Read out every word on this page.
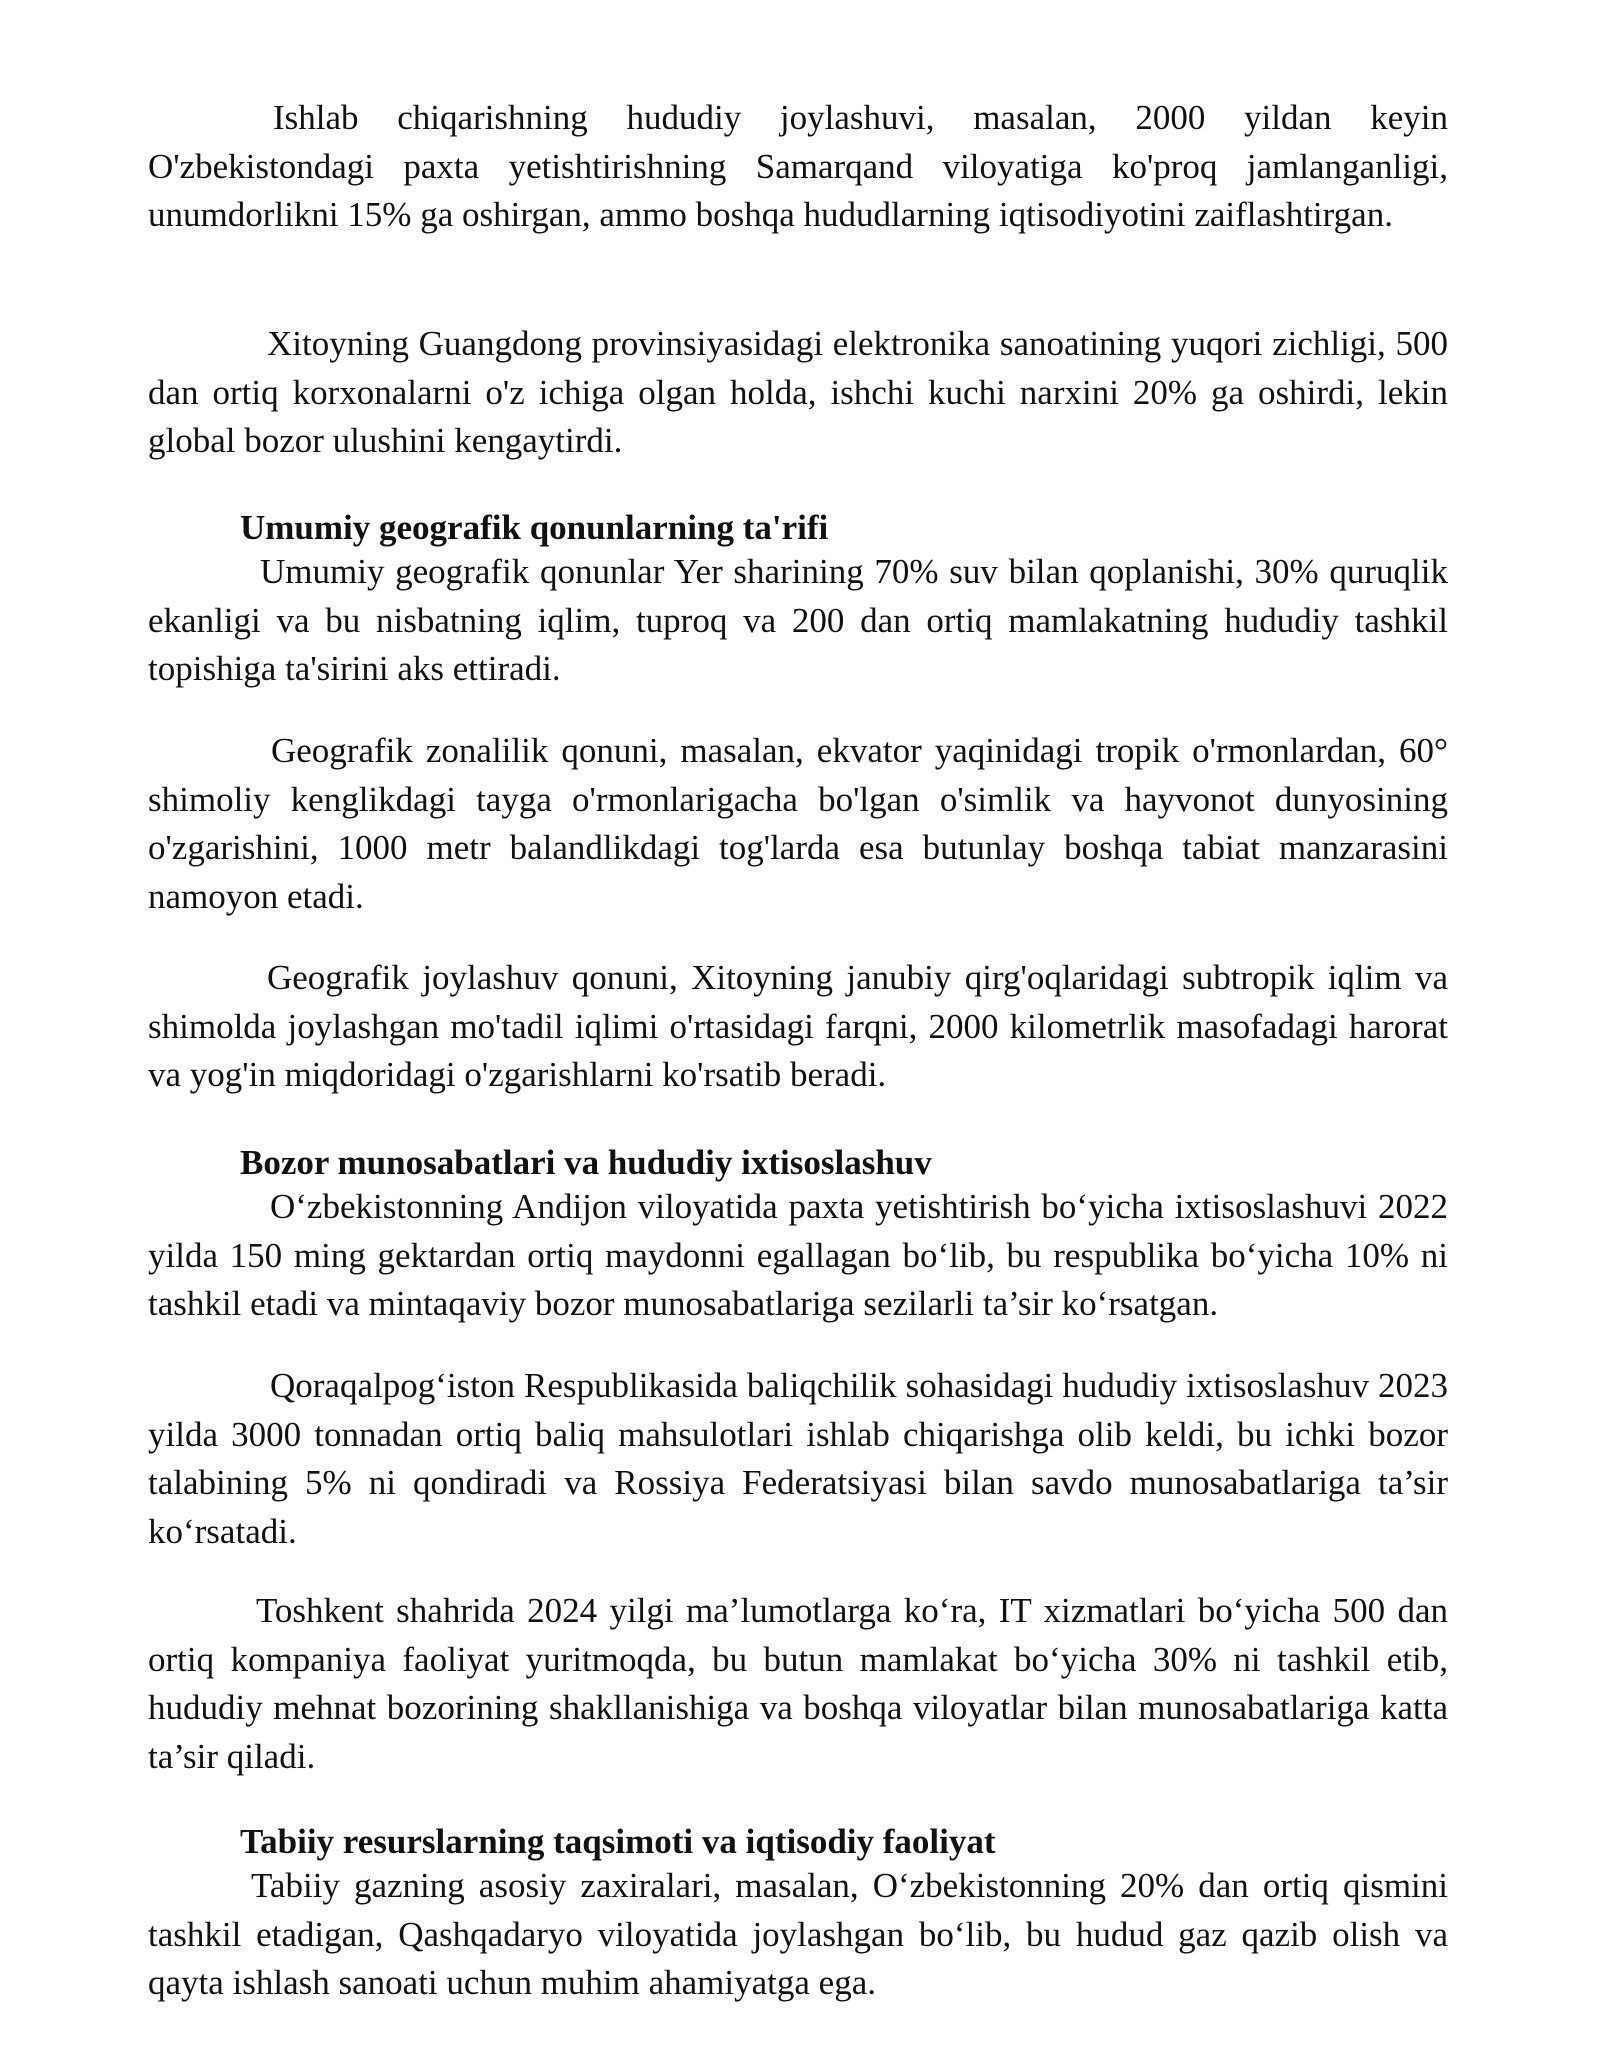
Ishlab chiqarishning hududiy joylashuvi, masalan, 2000 yildan keyin O'zbekistondagi paxta yetishtirishning Samarqand viloyatiga ko'proq jamlanganligi, unumdorlikni 15% ga oshirgan, ammo boshqa hududlarning iqtisodiyotini zaiflashtirgan.

Xitoyning Guangdong provinsiyasidagi elektronika sanoatining yuqori zichligi, 500 dan ortiq korxonalarni o'z ichiga olgan holda, ishchi kuchi narxini 20% ga oshirdi, lekin global bozor ulushini kengaytirdi.

Umumiy geografik qonunlarning ta'rifi

Umumiy geografik qonunlar Yer sharining 70% suv bilan qoplanishi, 30% quruqlik ekanligi va bu nisbatning iqlim, tuproq va 200 dan ortiq mamlakatning hududiy tashkil topishiga ta'sirini aks ettiradi.

Geografik zonalilik qonuni, masalan, ekvator yaqinidagi tropik o'rmonlardan, 60° shimoliy kenglikdagi tayga o'rmonlarigacha bo'lgan o'simlik va hayvonot dunyosining o'zgarishini, 1000 metr balandlikdagi tog'larda esa butunlay boshqa tabiat manzarasini namoyon etadi.

Geografik joylashuv qonuni, Xitoyning janubiy qirg'oqlaridagi subtropik iqlim va shimolda joylashgan mo'tadil iqlimi o'rtasidagi farqni, 2000 kilometrlik masofadagi harorat va yog'in miqdoridagi o'zgarishlarni ko'rsatib beradi.

Bozor munosabatlari va hududiy ixtisoslashuv

O‘zbekistonning Andijon viloyatida paxta yetishtirish bo‘yicha ixtisoslashuvi 2022 yilda 150 ming gektardan ortiq maydonni egallagan bo‘lib, bu respublika bo‘yicha 10% ni tashkil etadi va mintaqaviy bozor munosabatlariga sezilarli ta’sir ko‘rsatgan.

Qoraqalpog‘iston Respublikasida baliqchilik sohasidagi hududiy ixtisoslashuv 2023 yilda 3000 tonnadan ortiq baliq mahsulotlari ishlab chiqarishga olib keldi, bu ichki bozor talabining 5% ni qondiradi va Rossiya Federatsiyasi bilan savdo munosabatlariga ta’sir ko‘rsatadi.

Toshkent shahrida 2024 yilgi ma’lumotlarga ko‘ra, IT xizmatlari bo‘yicha 500 dan ortiq kompaniya faoliyat yuritmoqda, bu butun mamlakat bo‘yicha 30% ni tashkil etib, hududiy mehnat bozorining shakllanishiga va boshqa viloyatlar bilan munosabatlariga katta ta’sir qiladi.

Tabiiy resurslarning taqsimoti va iqtisodiy faoliyat

Tabiiy gazning asosiy zaxiralari, masalan, O‘zbekistonning 20% dan ortiq qismini tashkil etadigan, Qashqadaryo viloyatida joylashgan bo‘lib, bu hudud gaz qazib olish va qayta ishlash sanoati uchun muhim ahamiyatga ega.
